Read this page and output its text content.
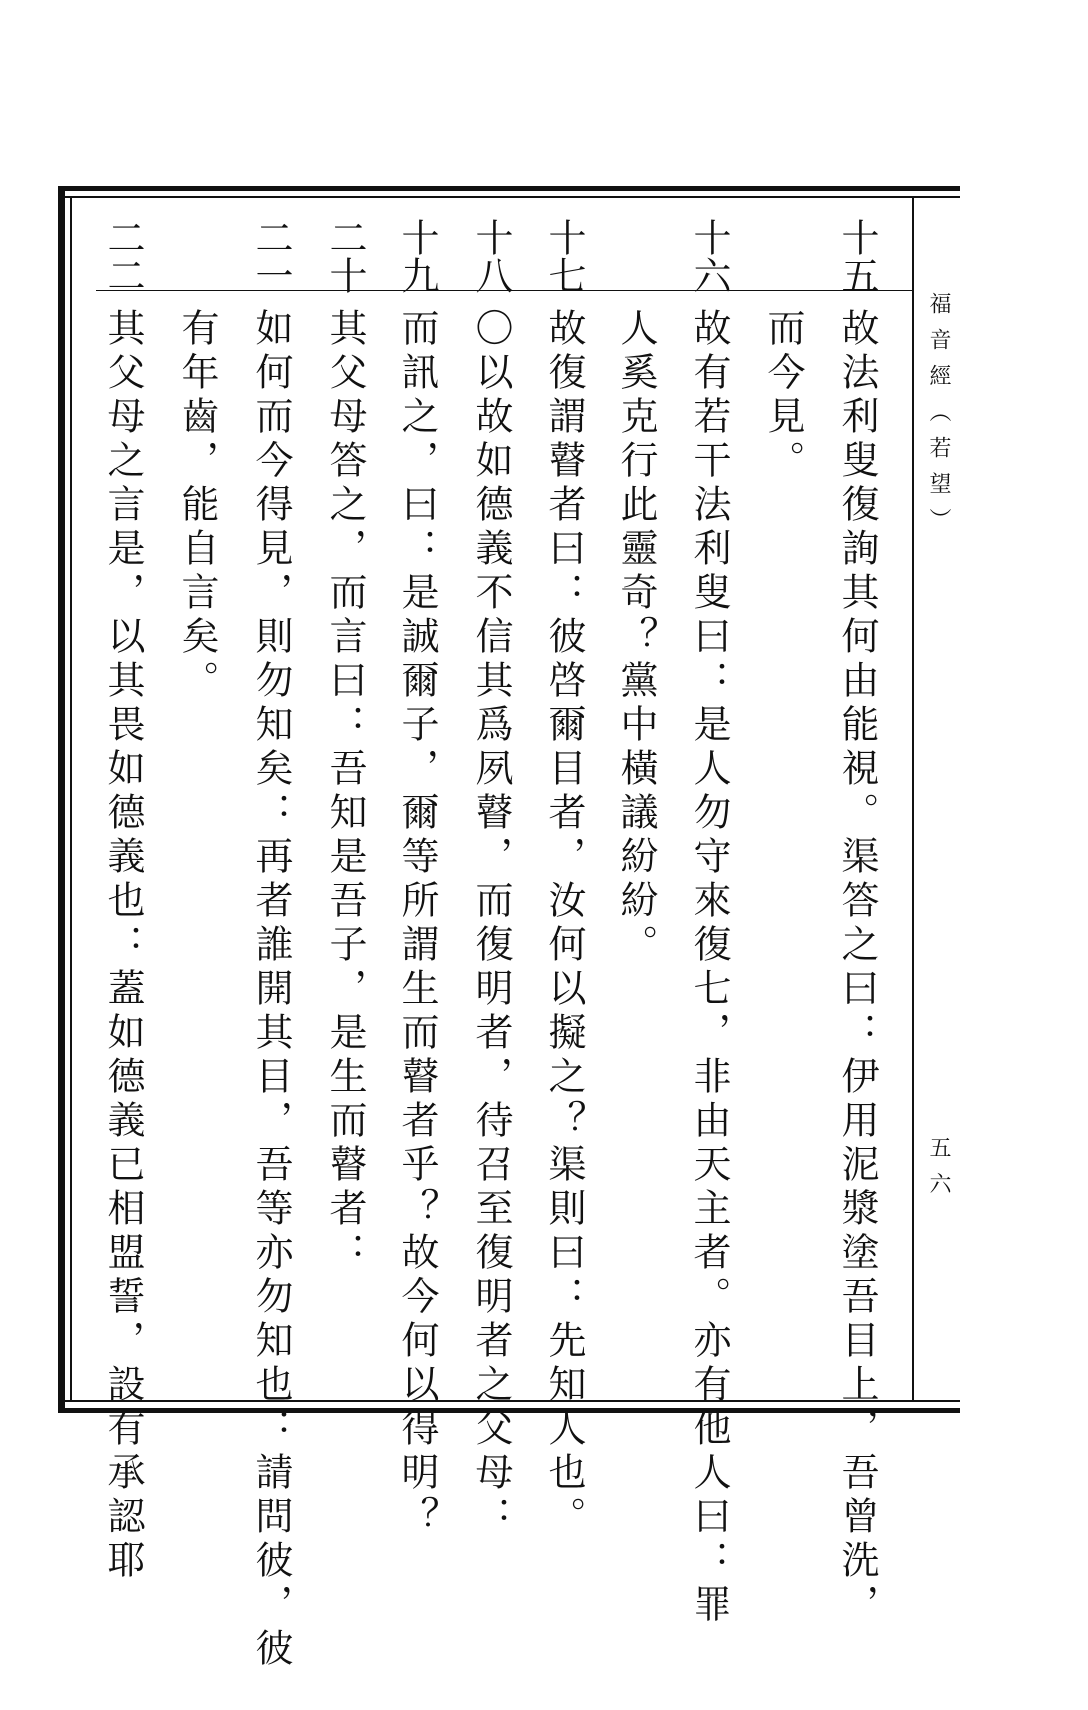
福音經（若望）
五六
十五
故法利叟復詢其何由能視。渠答之曰：伊用泥漿塗吾目上，吾曾洗，
而今見。
十六
故有若干法利叟曰：是人勿守來復七，非由天主者。亦有他人曰：罪
人奚克行此靈奇？黨中橫議紛紛。
十七
故復謂瞽者曰：彼啓爾目者，汝何以擬之？渠則曰：先知人也。
十八
〇以故如德義不信其爲夙瞽，而復明者，待召至復明者之父母：
十九
而訊之，曰：是誠爾子，爾等所謂生而瞽者乎？故今何以得明？
二十
其父母答之，而言曰：吾知是吾子，是生而瞽者：
二一
如何而今得見，則勿知矣：再者誰開其目，吾等亦勿知也：請問彼，彼
有年齒，能自言矣。
二二
其父母之言是，以其畏如德義也：蓋如德義已相盟誓，設有承認耶
